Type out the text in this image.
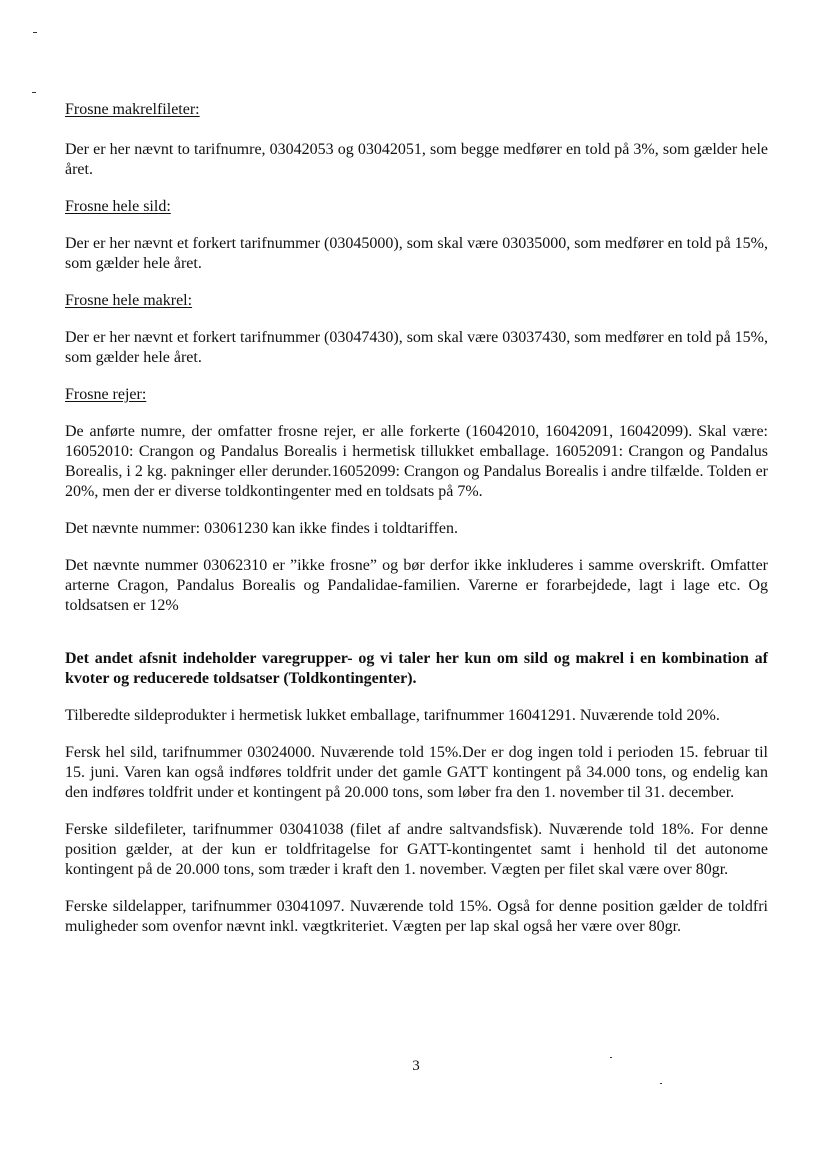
Frosne makrelfileter:

Der er her nævnt to tarifnumre, 03042053 og 03042051, som begge medfører en told på 3%, som gælder hele året.

Frosne hele sild:

Der er her nævnt et forkert tarifnummer (03045000), som skal være 03035000, som medfører en told på 15%, som gælder hele året.

Frosne hele makrel:

Der er her nævnt et forkert tarifnummer (03047430), som skal være 03037430, som medfører en told på 15%, som gælder hele året.

Frosne rejer:

De anførte numre, der omfatter frosne rejer, er alle forkerte (16042010, 16042091, 16042099). Skal være: 16052010: Crangon og Pandalus Borealis i hermetisk tillukket emballage. 16052091: Crangon og Pandalus Borealis, i 2 kg. pakninger eller derunder.16052099: Crangon og Pandalus Borealis i andre tilfælde. Tolden er 20%, men der er diverse toldkontingenter med en toldsats på 7%.

Det nævnte nummer: 03061230 kan ikke findes i toldtariffen.

Det nævnte nummer 03062310 er ”ikke frosne” og bør derfor ikke inkluderes i samme overskrift. Omfatter arterne Cragon, Pandalus Borealis og Pandalidae-familien. Varerne er forarbejdede, lagt i lage etc. Og toldsatsen er 12%

Det andet afsnit indeholder varegrupper- og vi taler her kun om sild og makrel i en kombination af kvoter og reducerede toldsatser (Toldkontingenter).

Tilberedte sildeprodukter i hermetisk lukket emballage, tarifnummer 16041291. Nuværende told 20%.

Fersk hel sild, tarifnummer 03024000. Nuværende told 15%.Der er dog ingen told i perioden 15. februar til 15. juni. Varen kan også indføres toldfrit under det gamle GATT kontingent på 34.000 tons, og endelig kan den indføres toldfrit under et kontingent på 20.000 tons, som løber fra den 1. november til 31. december.

Ferske sildefileter, tarifnummer 03041038 (filet af andre saltvandsfisk). Nuværende told 18%. For denne position gælder, at der kun er toldfritagelse for GATT-kontingentet samt i henhold til det autonome kontingent på de 20.000 tons, som træder i kraft den 1. november. Vægten per filet skal være over 80gr.

Ferske sildelapper, tarifnummer 03041097. Nuværende told 15%. Også for denne position gælder de toldfri muligheder som ovenfor nævnt inkl. vægtkriteriet. Vægten per lap skal også her være over 80gr.

3
